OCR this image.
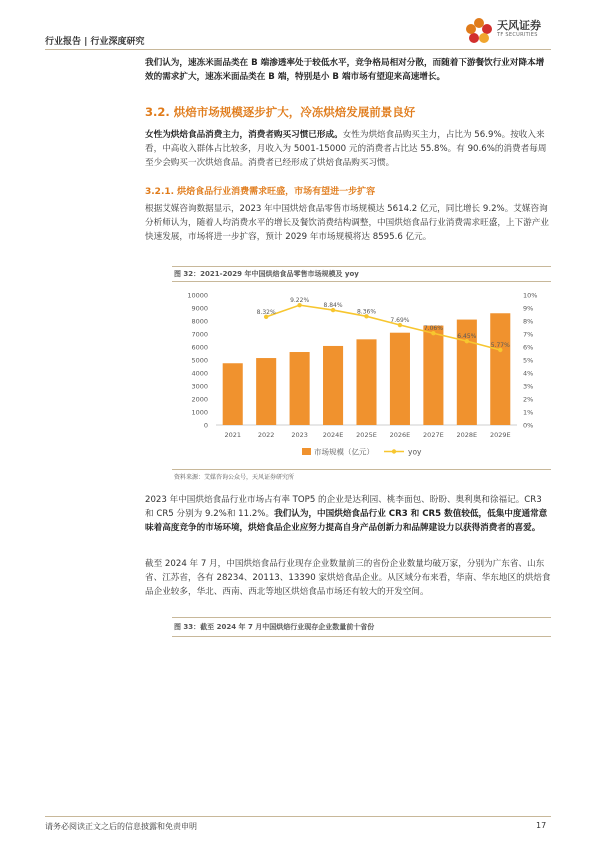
行业报告 | 行业深度研究
天风证券
TF SECURITIES
我们认为，速冻米面品类在 B 端渗透率处于较低水平，竞争格局相对分散，而随着下游餐饮行业对降本增效的需求扩大，速冻米面品类在 B 端，特别是小 B 端市场有望迎来高速增长。
3.2. 烘焙市场规模逐步扩大，冷冻烘焙发展前景良好
女性为烘焙食品消费主力，消费者购买习惯已形成。女性为烘焙食品购买主力，占比为 56.9%。按收入来看，中高收入群体占比较多，月收入为 5001-15000 元的消费者占比达 55.8%。有 90.6%的消费者每周至少会购买一次烘焙食品。消费者已经形成了烘焙食品购买习惯。
3.2.1. 烘焙食品行业消费需求旺盛，市场有望进一步扩容
根据艾媒咨询数据显示，2023 年中国烘焙食品零售市场规模达 5614.2 亿元，同比增长 9.2%。艾媒咨询分析师认为，随着人均消费水平的增长及餐饮消费结构调整，中国烘焙食品行业消费需求旺盛，上下游产业快速发展，市场将进一步扩容，预计 2029 年市场规模将达 8595.6 亿元。
图 32：2021-2029 年中国烘焙食品零售市场规模及 yoy
0
1000
2000
3000
4000
5000
6000
7000
8000
9000
10000
0%
1%
2%
3%
4%
5%
6%
7%
8%
9%
10%
2021	2022	2023 2024E 2025E 2026E 2027E 2028E 2029E
8.32%
9.22%
8.84%
8.36%
7.69%
7.06%
6.45%
5.77%
市场规模（亿元）	yoy
资料来源：艾媒咨询公众号，天风证券研究所
2023 年中国烘焙食品行业市场占有率 TOP5 的企业是达利园、桃李面包、盼盼、奥利奥和徐福记。CR3 和 CR5 分别为 9.2%和 11.2%。我们认为，中国烘焙食品行业 CR3 和 CR5 数值较低，低集中度通常意味着高度竞争的市场环境，烘焙食品企业应努力提高自身产品创新力和品牌建设力以获得消费者的喜爱。
截至 2024 年 7 月，中国烘焙食品行业现存企业数量前三的省份企业数量均破万家，分别为广东省、山东省、江苏省，各有 28234、20113、13390 家烘焙食品企业。从区域分布来看，华南、华东地区的烘焙食品企业较多，华北、西南、西北等地区烘焙食品市场还有较大的开发空间。
图 33：截至 2024 年 7 月中国烘焙行业现存企业数量前十省份
请务必阅读正文之后的信息披露和免责申明	17
